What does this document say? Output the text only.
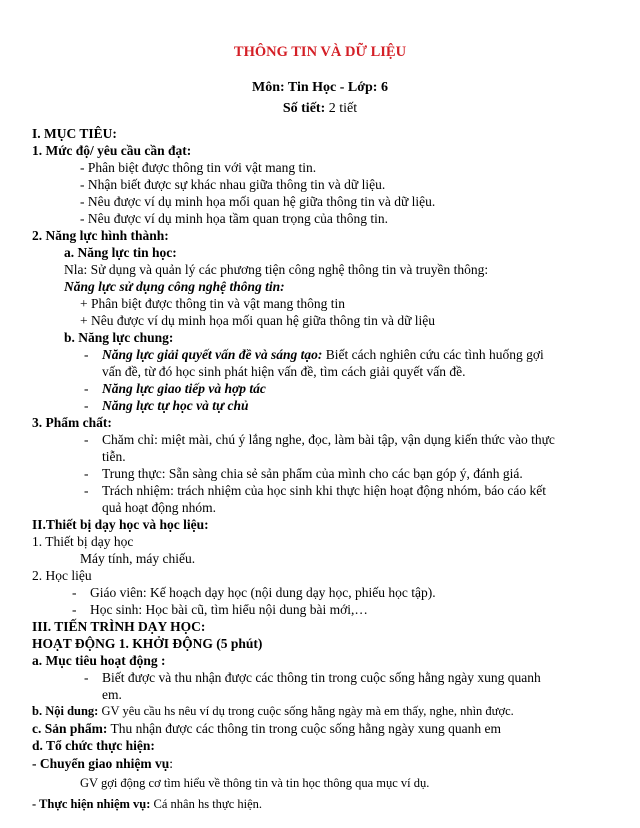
THÔNG TIN VÀ DỮ LIỆU
Môn: Tin Học - Lớp: 6
Số tiết: 2 tiết
I. MỤC TIÊU:
1. Mức độ/ yêu cầu cần đạt:
- Phân biệt được thông tin với vật mang tin.
- Nhận biết được sự khác nhau giữa thông tin và dữ liệu.
- Nêu được ví dụ minh họa mối quan hệ giữa thông tin và dữ liệu.
- Nêu được ví dụ minh họa tầm quan trọng của thông tin.
2. Năng lực hình thành:
a. Năng lực tin học:
Nla: Sử dụng và quản lý các phương tiện công nghệ thông tin và truyền thông:
Năng lực sử dụng công nghệ thông tin:
+ Phân biệt được thông tin và vật mang thông tin
+ Nêu được ví dụ minh họa mối quan hệ giữa thông tin và dữ liệu
b. Năng lực chung:
- Năng lực giải quyết vấn đề và sáng tạo: Biết cách nghiên cứu các tình huống gợi
vấn đề, từ đó học sinh phát hiện vấn đề, tìm cách giải quyết vấn đề.
- Năng lực giao tiếp và hợp tác
- Năng lực tự học và tự chủ
3. Phẩm chất:
- Chăm chỉ: miệt mài, chú ý lắng nghe, đọc, làm bài tập, vận dụng kiến thức vào thực
tiễn.
- Trung thực: Sẵn sàng chia sẻ sản phẩm của mình cho các bạn góp ý, đánh giá.
- Trách nhiệm: trách nhiệm của học sinh khi thực hiện hoạt động nhóm, báo cáo kết
quả hoạt động nhóm.
II.Thiết bị dạy học và học liệu:
1. Thiết bị dạy học
Máy tính, máy chiếu.
2. Học liệu
- Giáo viên: Kế hoạch dạy học (nội dung dạy học, phiếu học tập).
- Học sinh: Học bài cũ, tìm hiểu nội dung bài mới,…
III. TIẾN TRÌNH DẠY HỌC:
HOẠT ĐỘNG 1. KHỞI ĐỘNG (5 phút)
a. Mục tiêu hoạt động :
- Biết được và thu nhận được các thông tin trong cuộc sống hằng ngày xung quanh
em.
b. Nội dung: GV yêu cầu hs nêu ví dụ trong cuộc sống hằng ngày mà em thấy, nghe, nhìn được.
c. Sản phẩm: Thu nhận được các thông tin trong cuộc sống hằng ngày xung quanh em
d. Tổ chức thực hiện:
- Chuyển giao nhiệm vụ:
GV gợi động cơ tìm hiểu về thông tin và tin học thông qua mục ví dụ.
- Thực hiện nhiệm vụ: Cá nhân hs thực hiện.
